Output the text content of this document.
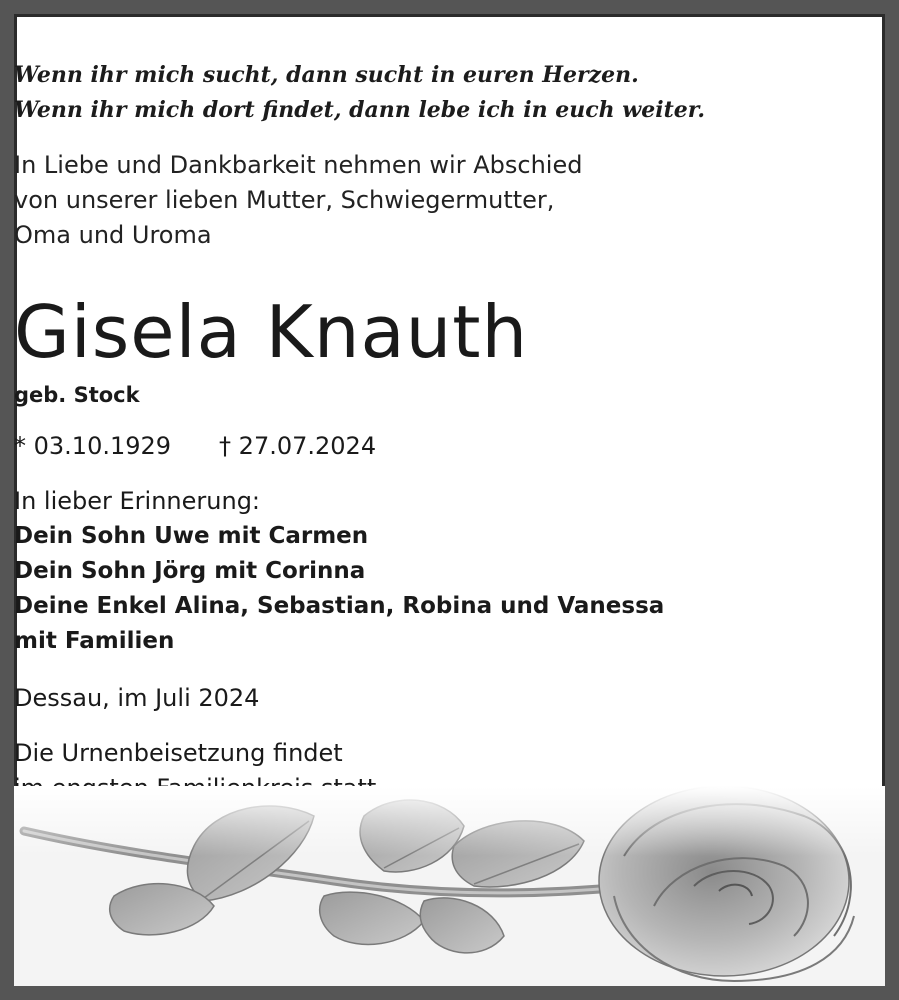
Wenn ihr mich sucht, dann sucht in euren Herzen.
Wenn ihr mich dort findet, dann lebe ich in euch weiter.
In Liebe und Dankbarkeit nehmen wir Abschied
von unserer lieben Mutter, Schwiegermutter,
Oma und Uroma
Gisela Knauth
geb. Stock
* 03.10.1929 † 27.07.2024
In lieber Erinnerung:
Dein Sohn Uwe mit Carmen
Dein Sohn Jörg mit Corinna
Deine Enkel Alina, Sebastian, Robina und Vanessa
mit Familien
Dessau, im Juli 2024
Die Urnenbeisetzung findet
